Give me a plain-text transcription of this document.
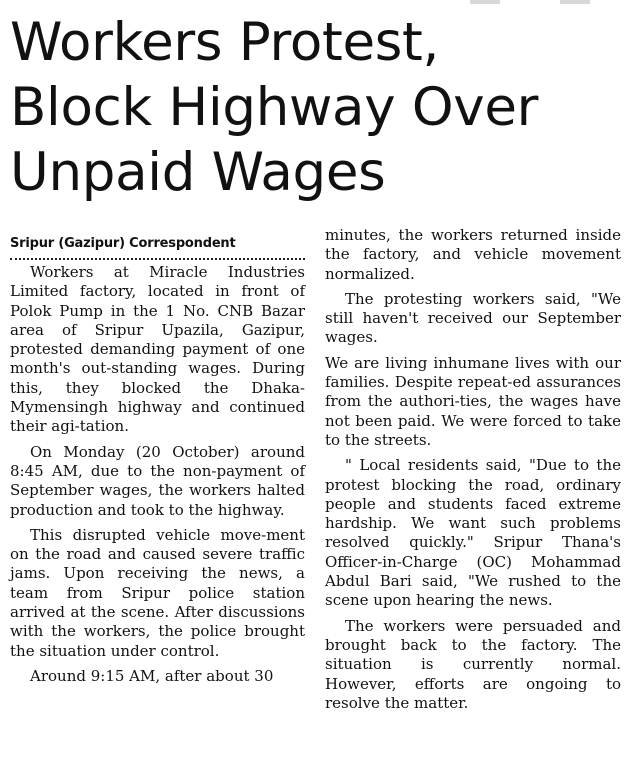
Workers Protest,
Block Highway Over
Unpaid Wages
Sripur (Gazipur) Correspondent

Workers at Miracle Industries Limited factory, located in front of Polok Pump in the 1 No. CNB Bazar area of Sripur Upazila, Gazipur, protested demanding payment of one month's out-standing wages. During this, they blocked the Dhaka-Mymensingh highway and continued their agi-tation.

On Monday (20 October) around 8:45 AM, due to the non-payment of September wages, the workers halted production and took to the highway.

This disrupted vehicle move-ment on the road and caused severe traffic jams. Upon receiving the news, a team from Sripur police station arrived at the scene. After discussions with the workers, the police brought the situation under control.

Around 9:15 AM, after about 30

minutes, the workers returned inside the factory, and vehicle movement normalized.

The protesting workers said, "We still haven't received our September wages.

We are living inhumane lives with our families. Despite repeat-ed assurances from the authori-ties, the wages have not been paid. We were forced to take to the streets.

" Local residents said, "Due to the protest blocking the road, ordinary people and students faced extreme hardship. We want such problems resolved quickly." Sripur Thana's Officer-in-Charge (OC) Mohammad Abdul Bari said, "We rushed to the scene upon hearing the news.

The workers were persuaded and brought back to the factory. The situation is currently normal. However, efforts are ongoing to resolve the matter.
